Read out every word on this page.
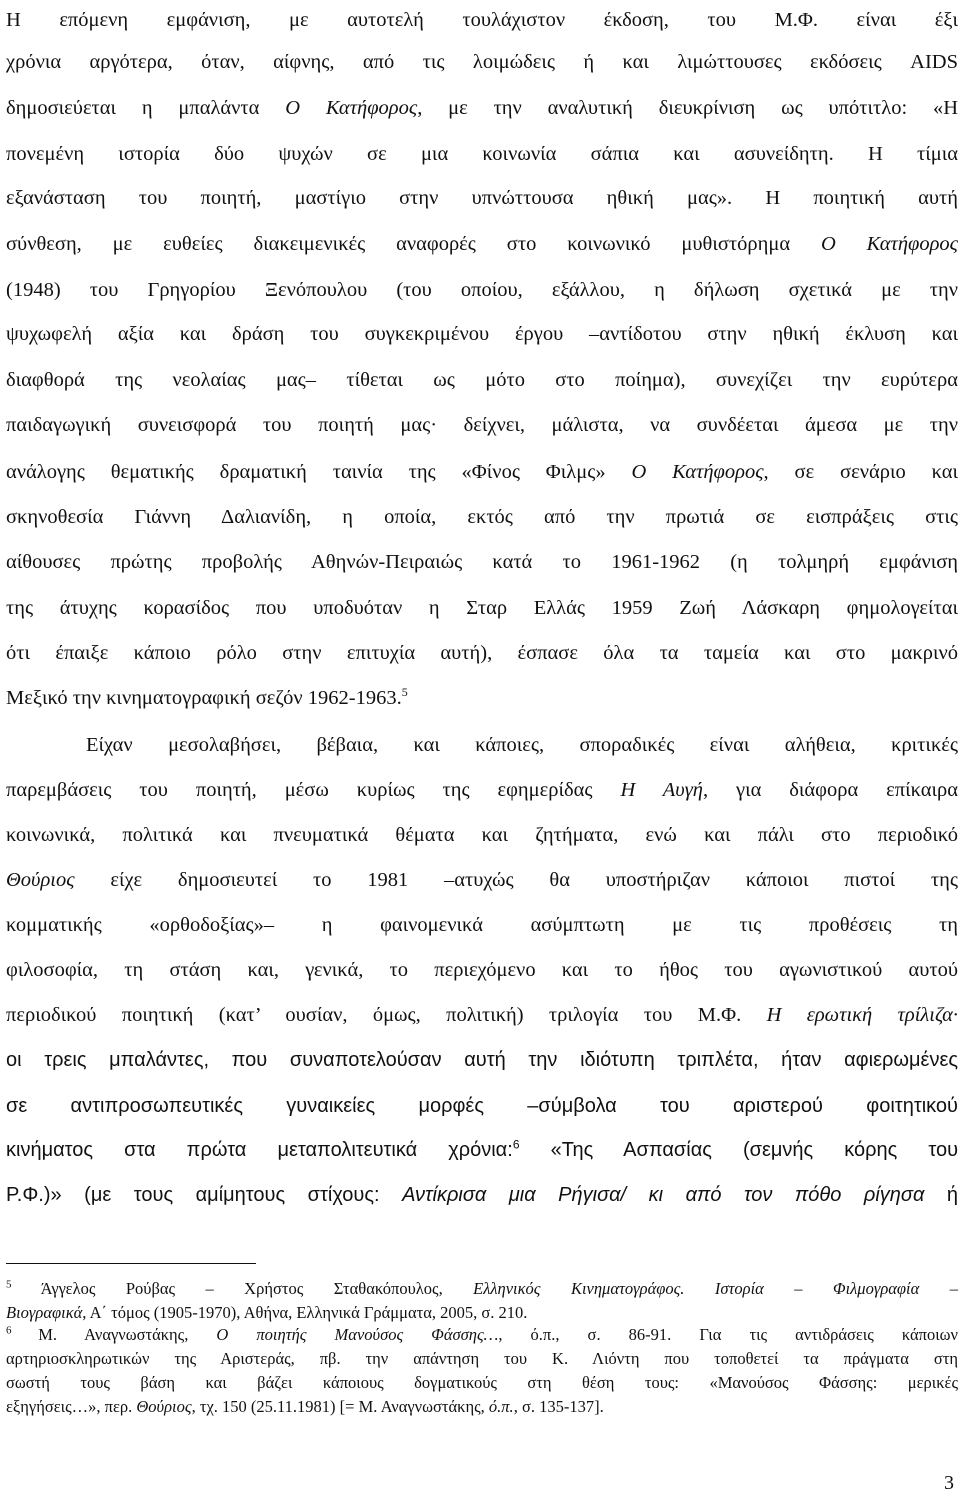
Η επόμενη εμφάνιση, με αυτοτελή τουλάχιστον έκδοση, του Μ.Φ. είναι έξι
χρόνια αργότερα, όταν, αίφνης, από τις λοιμώδεις ή και λιμώττουσες εκδόσεις AIDS
δημοσιεύεται η μπαλάντα Ο Κατήφορος, με την αναλυτική διευκρίνιση ως υπότιτλο: «Η
πονεμένη ιστορία δύο ψυχών σε μια κοινωνία σάπια και ασυνείδητη. Η τίμια
εξανάσταση του ποιητή, μαστίγιο στην υπνώττουσα ηθική μας». Η ποιητική αυτή
σύνθεση, με ευθείες διακειμενικές αναφορές στο κοινωνικό μυθιστόρημα Ο Κατήφορος
(1948) του Γρηγορίου Ξενόπουλου (του οποίου, εξάλλου, η δήλωση σχετικά με την
ψυχωφελή αξία και δράση του συγκεκριμένου έργου –αντίδοτου στην ηθική έκλυση και
διαφθορά της νεολαίας μας– τίθεται ως μότο στο ποίημα), συνεχίζει την ευρύτερα
παιδαγωγική συνεισφορά του ποιητή μας· δείχνει, μάλιστα, να συνδέεται άμεσα με την
ανάλογης θεματικής δραματική ταινία της «Φίνος Φιλμς» Ο Κατήφορος, σε σενάριο και
σκηνοθεσία Γιάννη Δαλιανίδη, η οποία, εκτός από την πρωτιά σε εισπράξεις στις
αίθουσες πρώτης προβολής Αθηνών-Πειραιώς κατά το 1961-1962 (η τολμηρή εμφάνιση
της άτυχης κορασίδος που υποδυόταν η Σταρ Ελλάς 1959 Ζωή Λάσκαρη φημολογείται
ότι έπαιξε κάποιο ρόλο στην επιτυχία αυτή), έσπασε όλα τα ταμεία και στο μακρινό
Μεξικό την κινηματογραφική σεζόν 1962-1963.$^5$
Είχαν μεσολαβήσει, βέβαια, και κάποιες, σποραδικές είναι αλήθεια, κριτικές
παρεμβάσεις του ποιητή, μέσω κυρίως της εφημερίδας Η Αυγή, για διάφορα επίκαιρα
κοινωνικά, πολιτικά και πνευματικά θέματα και ζητήματα, ενώ και πάλι στο περιοδικό
Θούριος είχε δημοσιευτεί το 1981 –ατυχώς θα υποστήριζαν κάποιοι πιστοί της
κομματικής «ορθοδοξίας»– η φαινομενικά ασύμπτωτη με τις προθέσεις τη
φιλοσοφία, τη στάση και, γενικά, το περιεχόμενο και το ήθος του αγωνιστικού αυτού
περιοδικού ποιητική (κατ’ ουσίαν, όμως, πολιτική) τριλογία του Μ.Φ. Η ερωτική τρίλιζα·
οι τρεις μπαλάντες, που συναποτελούσαν αυτή την ιδιότυπη τριπλέτα, ήταν αφιερωμένες
σε αντιπροσωπευτικές γυναικείες μορφές –σύμβολα του αριστερού φοιτητικού
κινήματος στα πρώτα μεταπολιτευτικά χρόνια:$^6$ «Της Ασπασίας (σεμνής κόρης του
Ρ.Φ.)» (με τους αμίμητους στίχους: Αντίκρισα μια Ρήγισα/ κι από τον πόθο ρίγησα ή
$^5$ Άγγελος Ρούβας – Χρήστος Σταθακόπουλος, Ελληνικός Κινηματογράφος. Ιστορία – Φιλμογραφία –
Βιογραφικά, Α΄ τόμος (1905-1970), Αθήνα, Ελληνικά Γράμματα, 2005, σ. 210.
$^6$ Μ. Αναγνωστάκης, Ο ποιητής Μανούσος Φάσσης…, ό.π., σ. 86-91. Για τις αντιδράσεις κάποιων
αρτηριοσκληρωτικών της Αριστεράς, πβ. την απάντηση του Κ. Λιόντη που τοποθετεί τα πράγματα στη
σωστή τους βάση και βάζει κάποιους δογματικούς στη θέση τους: «Μανούσος Φάσσης: μερικές
εξηγήσεις…», περ. Θούριος, τχ. 150 (25.11.1981) [= Μ. Αναγνωστάκης, ό.π., σ. 135-137].
3
